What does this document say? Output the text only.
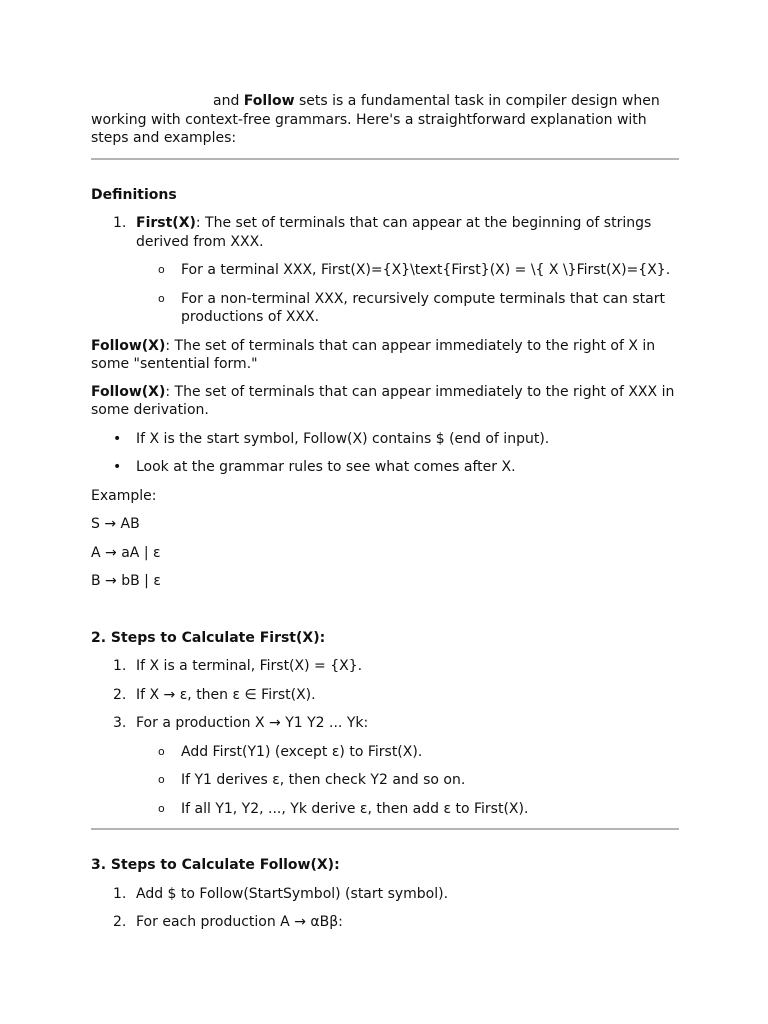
and Follow sets is a fundamental task in compiler design when working with context-free grammars. Here's a straightforward explanation with steps and examples:

Definitions

1. First(X): The set of terminals that can appear at the beginning of strings derived from XXX.
o For a terminal XXX, First(X)={X}\text{First}(X) = \{ X \}First(X)={X}.
o For a non-terminal XXX, recursively compute terminals that can start productions of XXX.

Follow(X): The set of terminals that can appear immediately to the right of X in some "sentential form."

Follow(X): The set of terminals that can appear immediately to the right of XXX in some derivation.

• If X is the start symbol, Follow(X) contains $ (end of input).
• Look at the grammar rules to see what comes after X.

Example:

S → AB

A → aA | ε

B → bB | ε

2. Steps to Calculate First(X):

1. If X is a terminal, First(X) = {X}.
2. If X → ε, then ε ∈ First(X).
3. For a production X → Y1 Y2 ... Yk:
o Add First(Y1) (except ε) to First(X).
o If Y1 derives ε, then check Y2 and so on.
o If all Y1, Y2, ..., Yk derive ε, then add ε to First(X).

3. Steps to Calculate Follow(X):

1. Add $ to Follow(StartSymbol) (start symbol).
2. For each production A → αBβ:
